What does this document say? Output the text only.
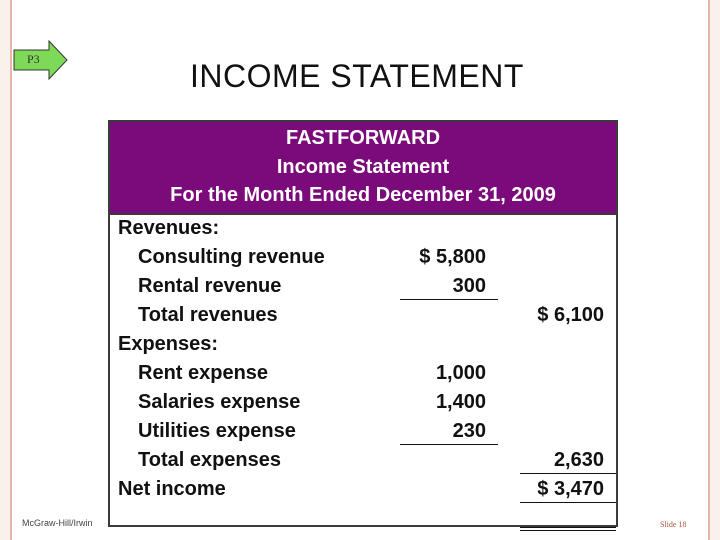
P3	INCOME STATEMENT
FASTFORWARD
Income Statement
For the Month Ended December 31, 2009
Revenues:
Consulting revenue	$ 5,800
Rental revenue	300
Total revenues	$ 6,100
Expenses:
Rent expense	1,000
Salaries expense	1,400
Utilities expense	230
Total expenses	2,630
Net income	$ 3,470
McGraw-Hill/Irwin	Slide 18
